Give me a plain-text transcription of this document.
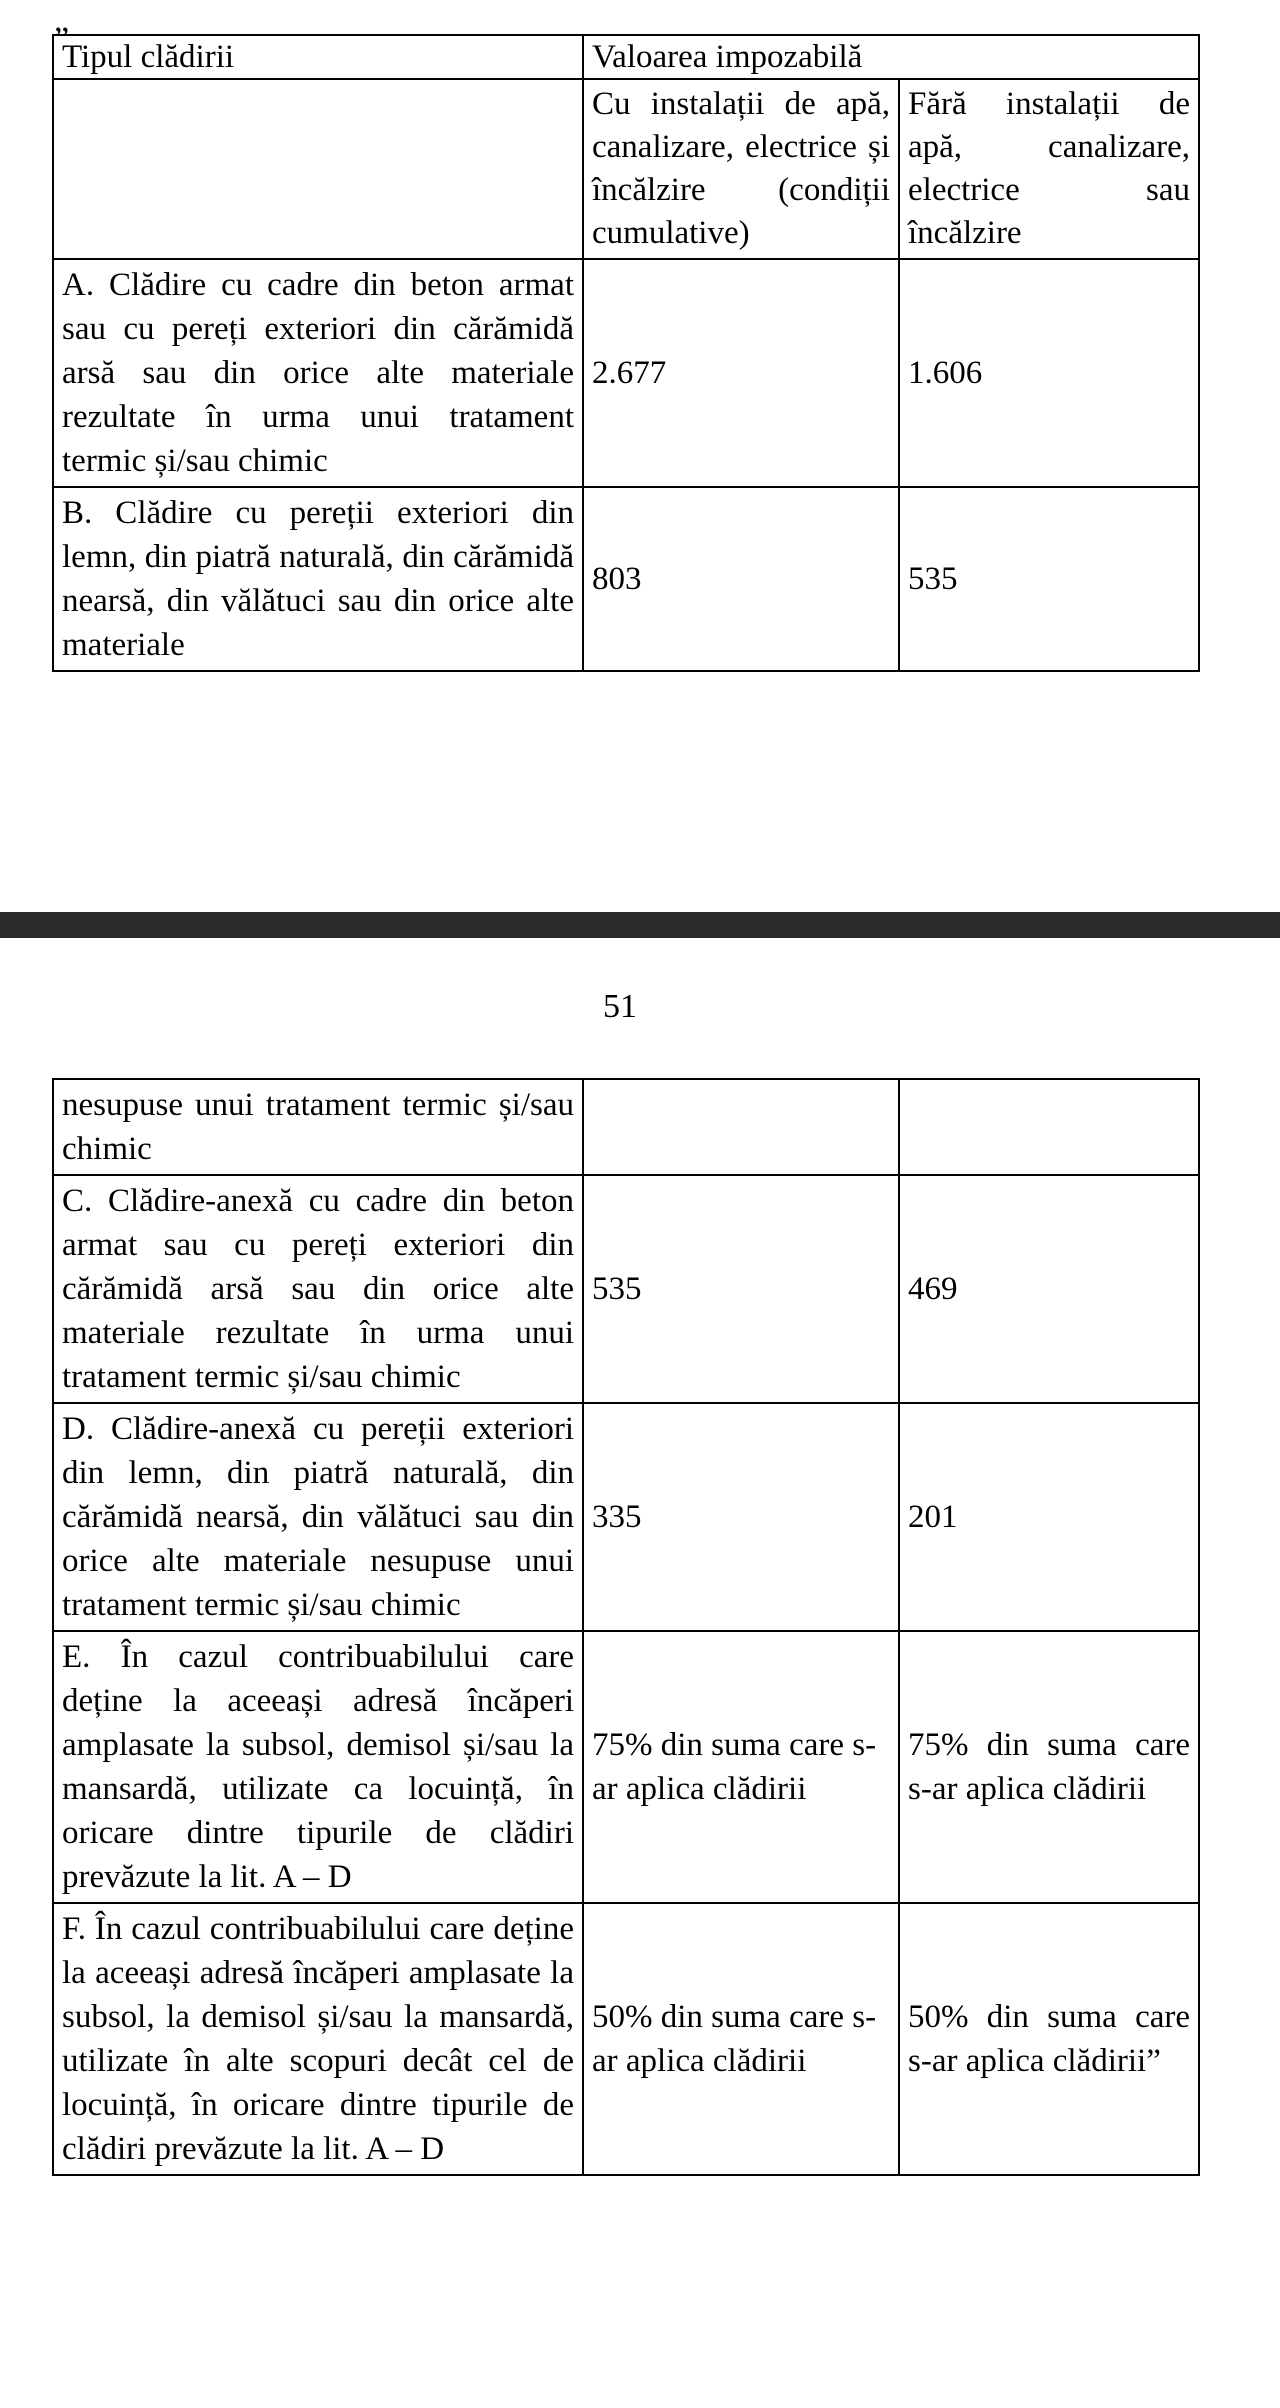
„
Tipul clădirii	Valoarea impozabilă	
	Cu instalații de apă, canalizare, electrice și încălzire (condiții cumulative)	Fără instalații de apă, canalizare, electrice sau încălzire
A. Clădire cu cadre din beton armat sau cu pereți exteriori din cărămidă arsă sau din orice alte materiale rezultate în urma unui tratament termic și/sau chimic	2.677	1.606
B. Clădire cu pereții exteriori din lemn, din piatră naturală, din cărămidă nearsă, din vălătuci sau din orice alte materiale	803	535
51
nesupuse unui tratament termic și/sau chimic		
C. Clădire-anexă cu cadre din beton armat sau cu pereți exteriori din cărămidă arsă sau din orice alte materiale rezultate în urma unui tratament termic și/sau chimic	535	469
D. Clădire-anexă cu pereții exteriori din lemn, din piatră naturală, din cărămidă nearsă, din vălătuci sau din orice alte materiale nesupuse unui tratament termic și/sau chimic	335	201
E. În cazul contribuabilului care deține la aceeași adresă încăperi amplasate la subsol, demisol și/sau la mansardă, utilizate ca locuință, în oricare dintre tipurile de clădiri prevăzute la lit. A – D	75% din suma care s-ar aplica clădirii	75% din suma care s-ar aplica clădirii
F. În cazul contribuabilului care deține la aceeași adresă încăperi amplasate la subsol, la demisol și/sau la mansardă, utilizate în alte scopuri decât cel de locuință, în oricare dintre tipurile de clădiri prevăzute la lit. A – D	50% din suma care s-ar aplica clădirii	50% din suma care s-ar aplica clădirii”
